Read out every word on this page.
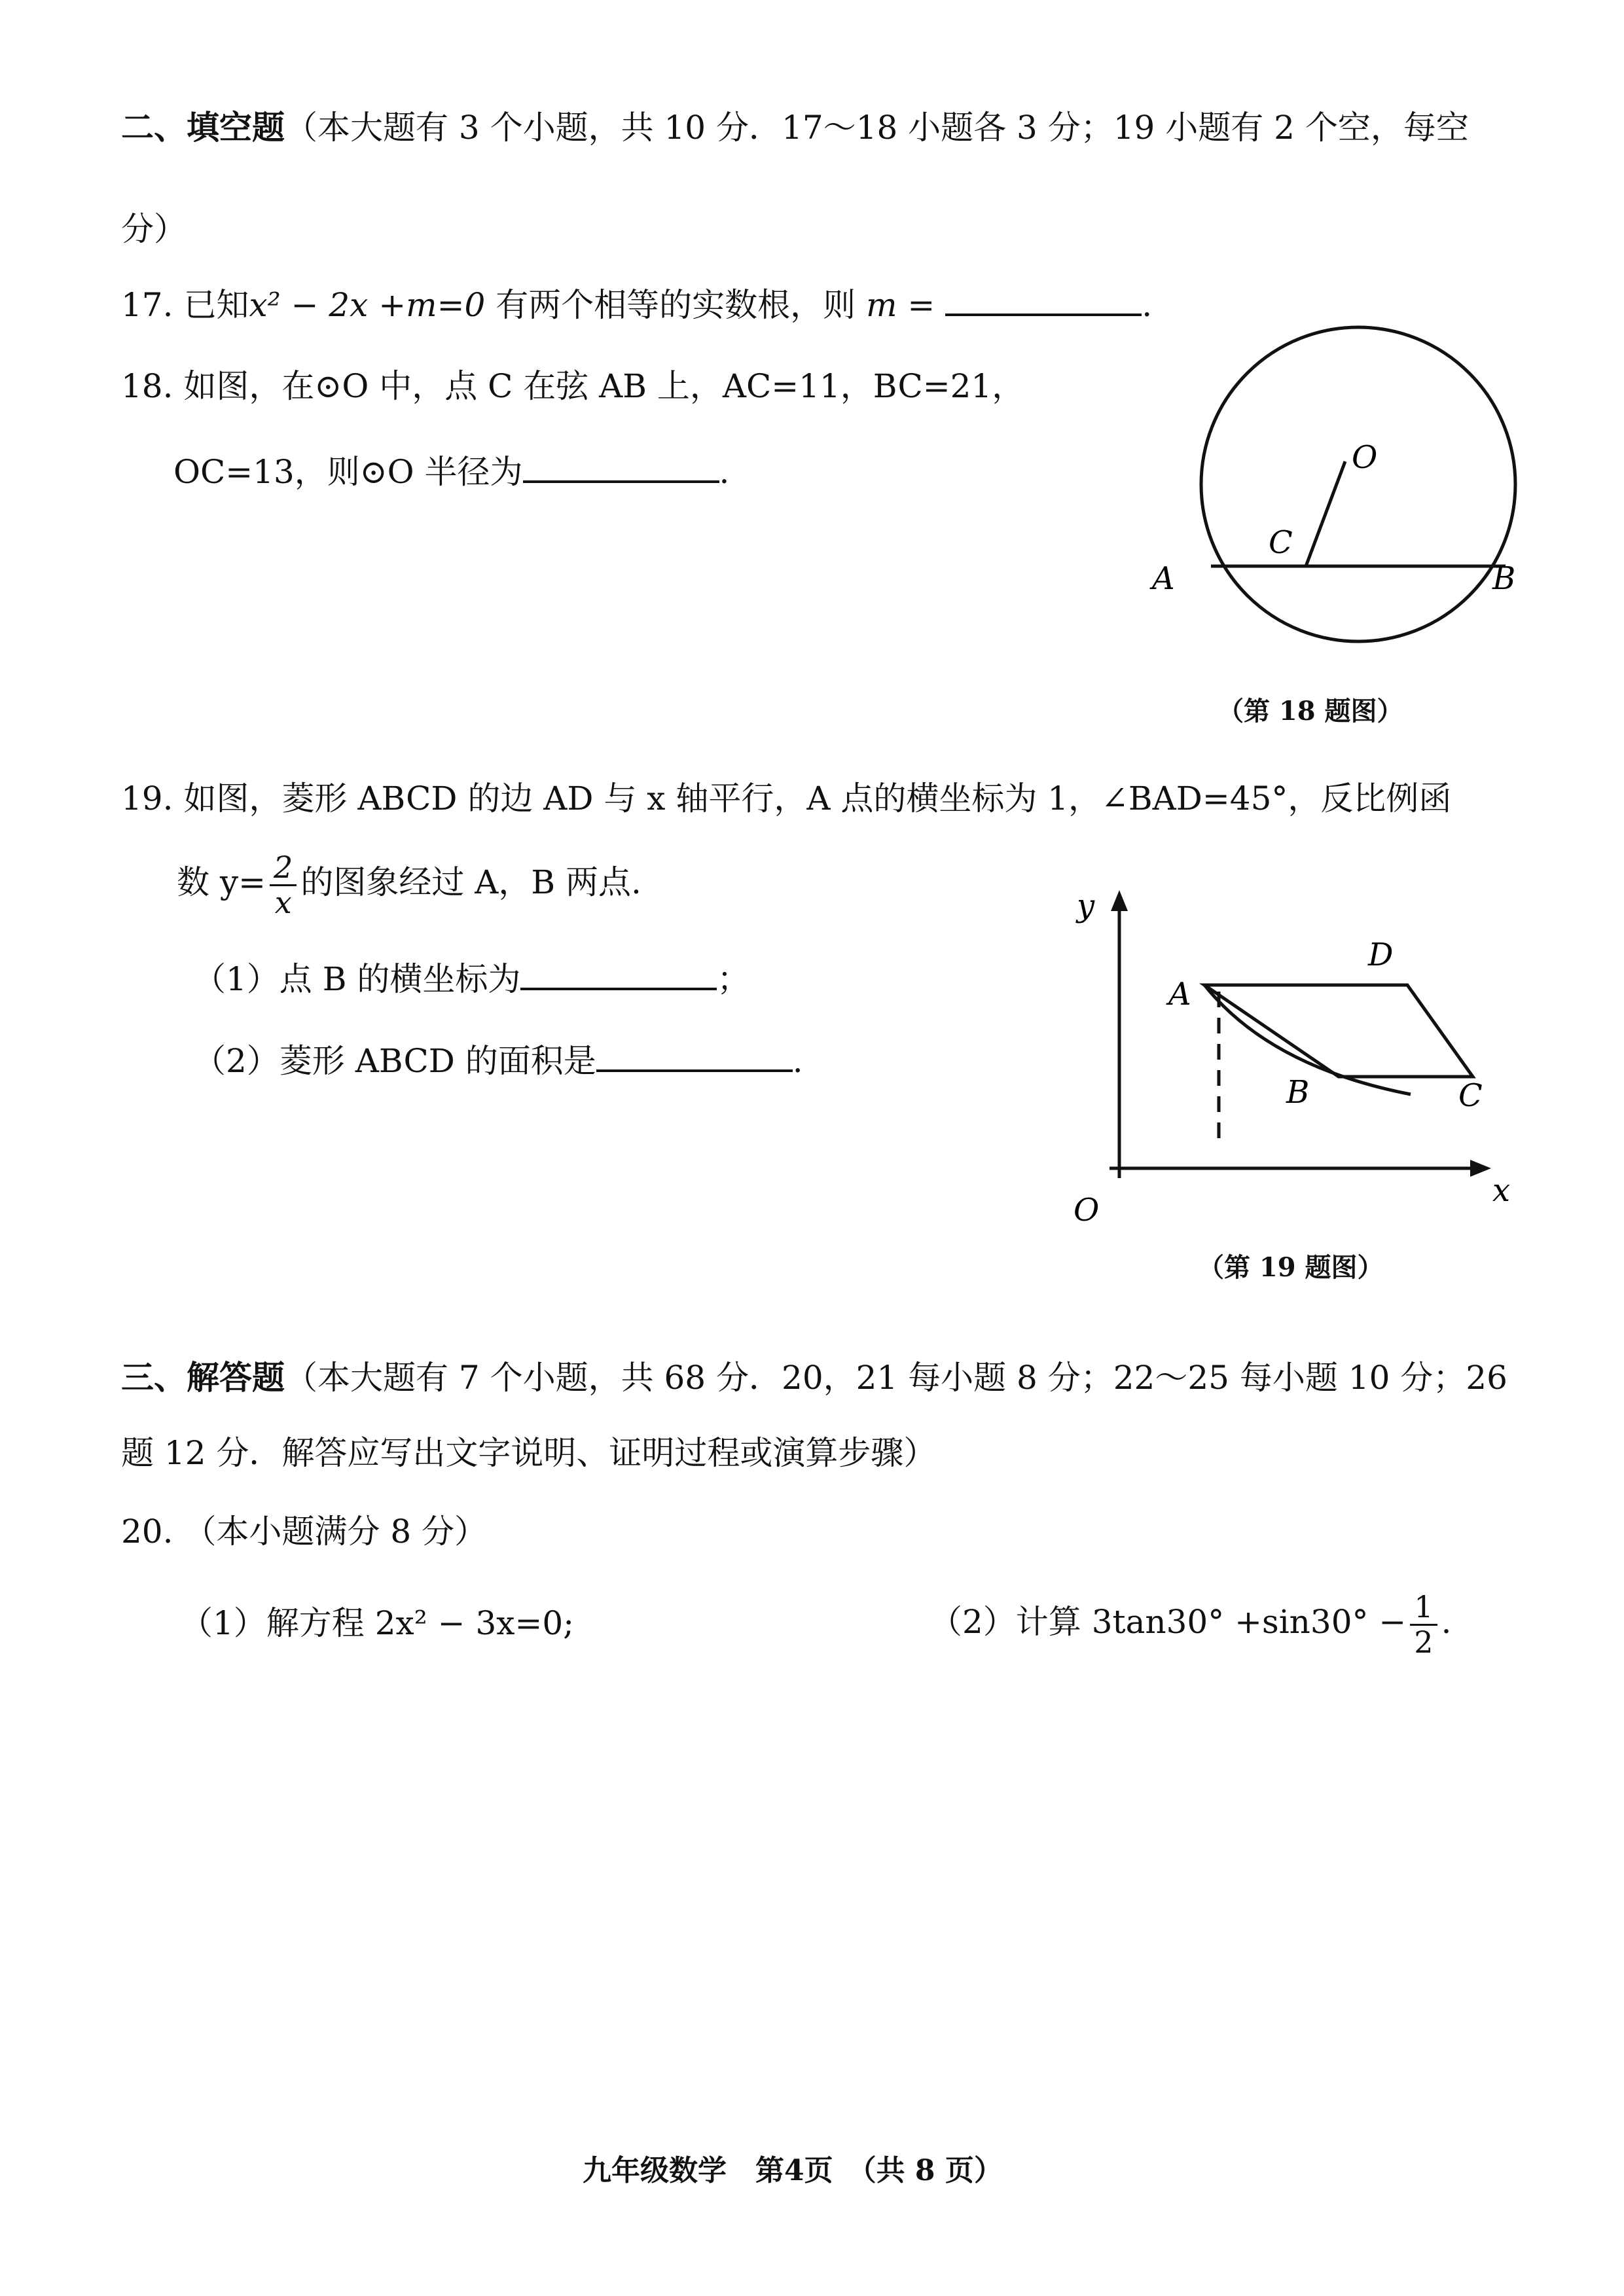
二、填空题（本大题有 3 个小题，共 10 分．17～18 小题各 3 分；19 小题有 2 个空，每空
分）
17. 已知x² − 2x +m=0 有两个相等的实数根，则 m =	.
18. 如图，在⊙O 中，点 C 在弦 AB 上，AC=11，BC=21，
OC=13，则⊙O 半径为	.	O
C
A	B
（第 18 题图）
19. 如图，菱形 ABCD 的边 AD 与 x 轴平行，A 点的横坐标为 1，∠BAD=45°，反比例函
数 $y= \frac{2}{x}$ 的图象经过 A，B 两点.
（1）点 B 的横坐标为	；
（2）菱形 ABCD 的面积是	.
y
x
O
A
D
B	C
（第 19 题图）
三、解答题（本大题有 7 个小题，共 68 分．20，21 每小题 8 分；22～25 每小题 10 分；26
题 12 分．解答应写出文字说明、证明过程或演算步骤）
20. （本小题满分 8 分）
（1）解方程 2x² − 3x=0;	（2）计算 $3\tan 30^\circ +\sin 30^\circ - \frac{1}{2}$ .
九年级数学　第4页　（共 8 页）
